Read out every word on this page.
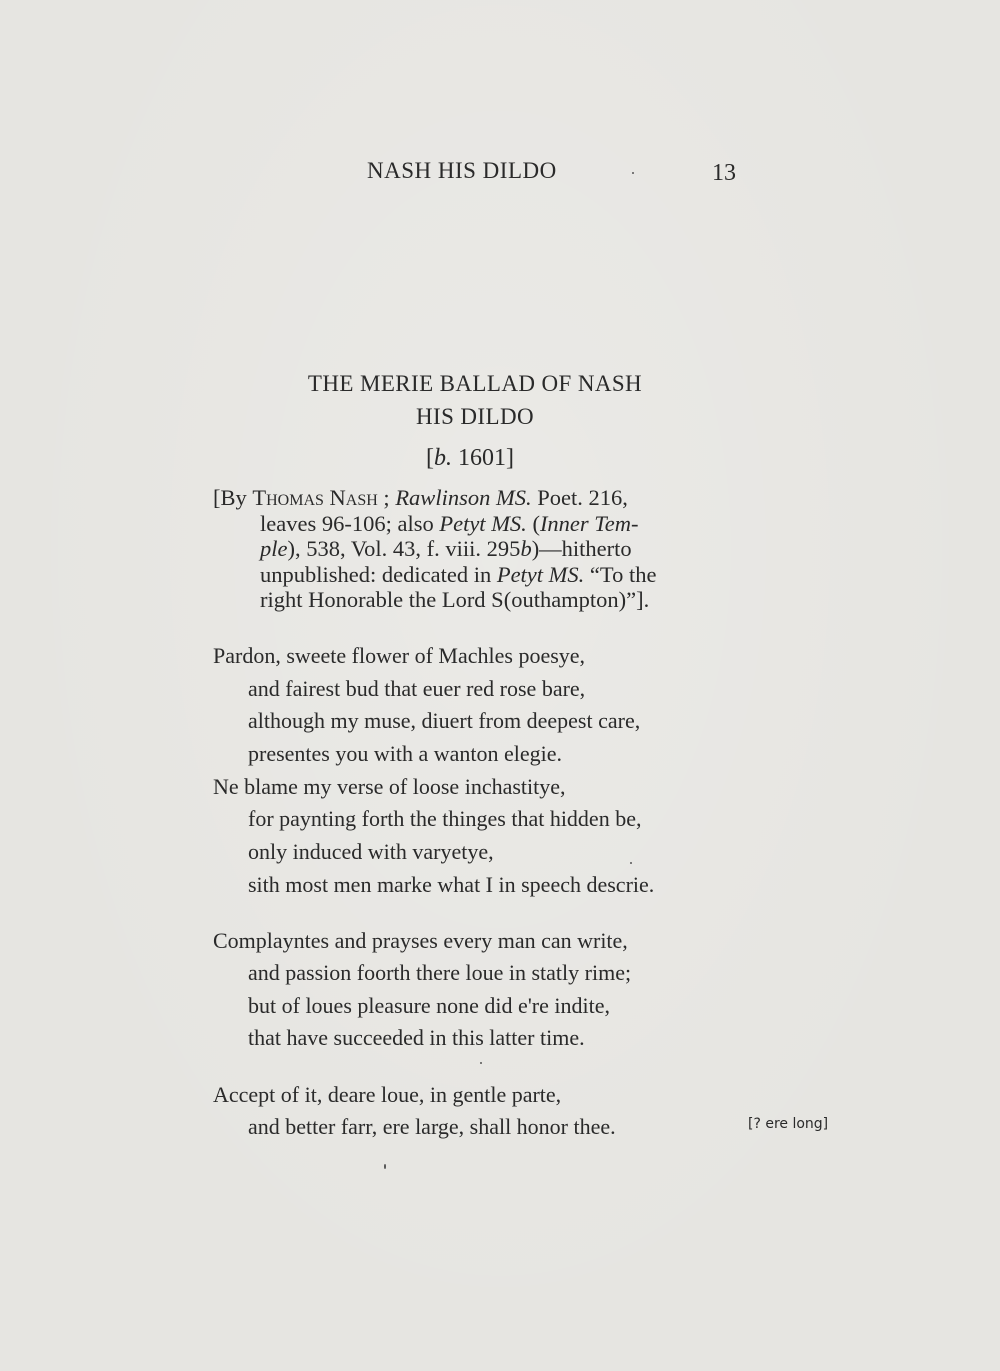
NASH HIS DILDO	13
THE MERIE BALLAD OF NASH
HIS DILDO
[b. 1601]
[By Thomas Nash ; Rawlinson MS. Poet. 216,
leaves 96-106; also Petyt MS. (Inner Tem-
ple), 538, Vol. 43, f. viii. 295b)—hitherto
unpublished: dedicated in Petyt MS. “To the
right Honorable the Lord S(outhampton)”].
Pardon, sweete flower of Machles poesye,
and fairest bud that euer red rose bare,
although my muse, diuert from deepest care,
presentes you with a wanton elegie.
Ne blame my verse of loose inchastitye,
for paynting forth the thinges that hidden be,
only induced with varyetye,
sith most men marke what I in speech descrie.
Complayntes and prayses every man can write,
and passion foorth there loue in statly rime;
but of loues pleasure none did e're indite,
that have succeeded in this latter time.
Accept of it, deare loue, in gentle parte,
and better farr, ere large, shall honor thee.	[? ere long]
